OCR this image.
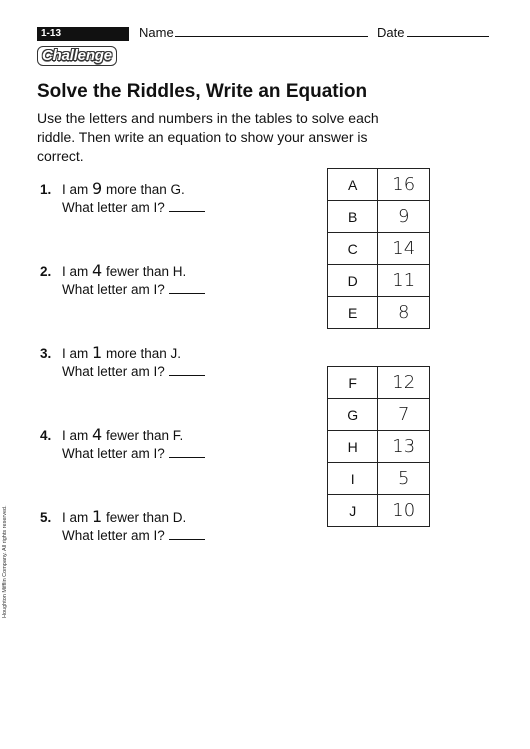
1-13	Name	Date
Challenge
Solve the Riddles, Write an Equation

Use the letters and numbers in the tables to solve each riddle. Then write an equation to show your answer is correct.

1. I am 9 more than G.
What letter am I?
2. I am 4 fewer than H.
What letter am I?
3. I am 1 more than J.
What letter am I?
4. I am 4 fewer than F.
What letter am I?
5. I am 1 fewer than D.
What letter am I?
A	16
B	9
C	14
D	11
E	8
F	12
G	7
H	13
I	5
J	10
Houghton Mifflin Company. All rights reserved.
